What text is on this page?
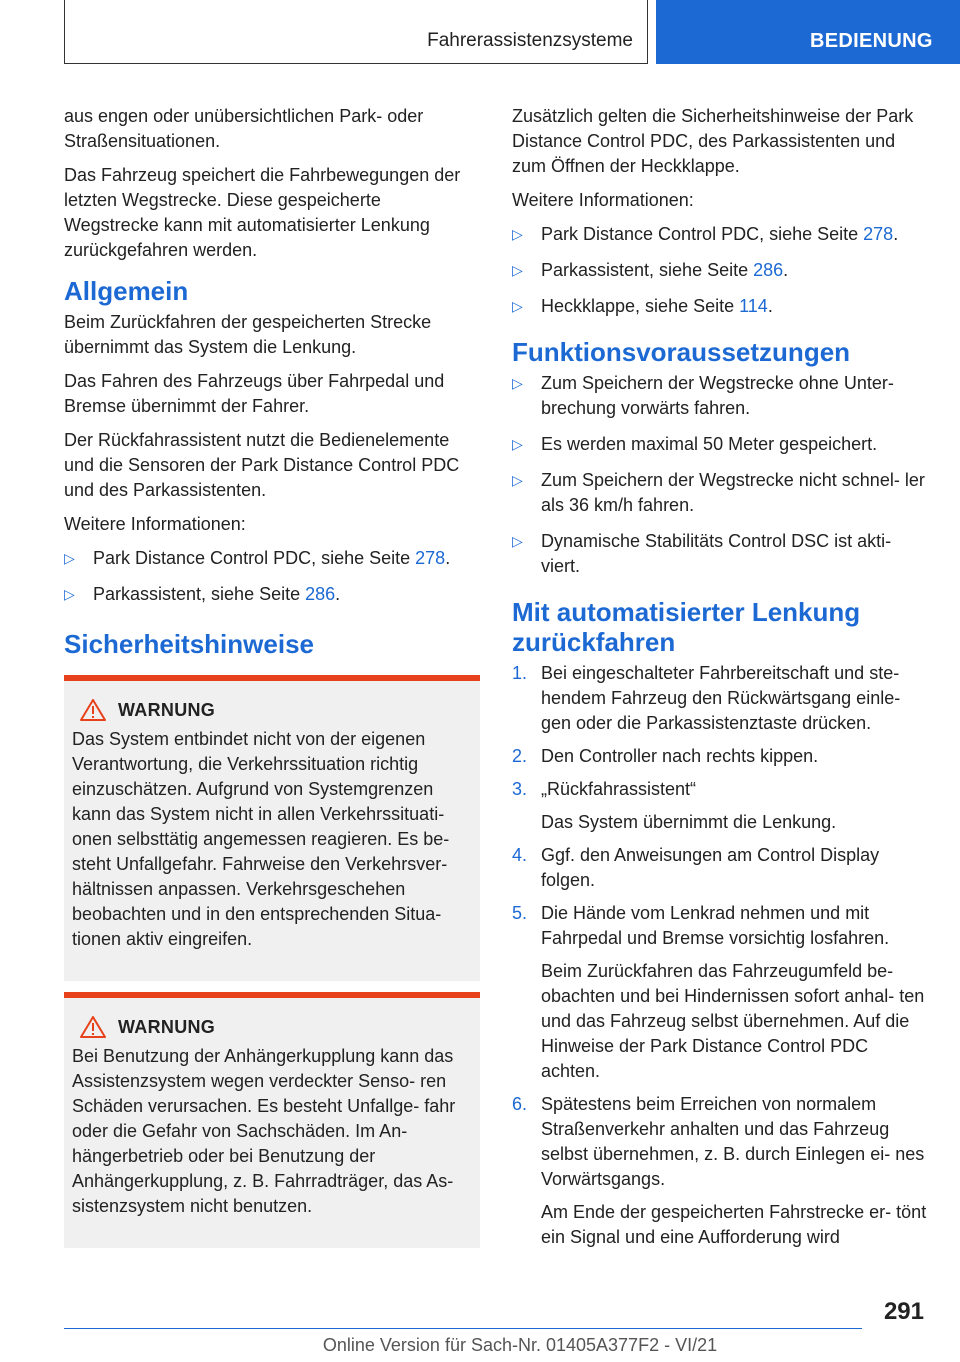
Fahrerassistenzsysteme	BEDIENUNG

aus engen oder unübersichtlichen Park- oder Straßensituationen.

Das Fahrzeug speichert die Fahrbewegungen der letzten Wegstrecke. Diese gespeicherte Wegstrecke kann mit automatisierter Lenkung zurückgefahren werden.

Allgemein

Beim Zurückfahren der gespeicherten Strecke übernimmt das System die Lenkung.

Das Fahren des Fahrzeugs über Fahrpedal und Bremse übernimmt der Fahrer.

Der Rückfahrassistent nutzt die Bedienelemente und die Sensoren der Park Distance Control PDC und des Parkassistenten.

Weitere Informationen:

▷ Park Distance Control PDC, siehe Seite 278.
▷ Parkassistent, siehe Seite 286.
Sicherheitshinweise
WARNUNG

Das System entbindet nicht von der eigenen Verantwortung, die Verkehrssituation richtig einzuschätzen. Aufgrund von Systemgrenzen kann das System nicht in allen Verkehrssituati- onen selbsttätig angemessen reagieren. Es be- steht Unfallgefahr. Fahrweise den Verkehrsver- hältnissen anpassen. Verkehrsgeschehen beobachten und in den entsprechenden Situa- tionen aktiv eingreifen.

WARNUNG

Bei Benutzung der Anhängerkupplung kann das Assistenzsystem wegen verdeckter Senso- ren Schäden verursachen. Es besteht Unfallge- fahr oder die Gefahr von Sachschäden. Im An- hängerbetrieb oder bei Benutzung der Anhängerkupplung, z. B. Fahrradträger, das As- sistenzsystem nicht benutzen.

Zusätzlich gelten die Sicherheitshinweise der Park Distance Control PDC, des Parkassistenten und zum Öffnen der Heckklappe.

Weitere Informationen:

▷ Park Distance Control PDC, siehe Seite 278.
▷ Parkassistent, siehe Seite 286.
▷ Heckklappe, siehe Seite 114.
Funktionsvoraussetzungen
▷ Zum Speichern der Wegstrecke ohne Unter- brechung vorwärts fahren.
▷ Es werden maximal 50 Meter gespeichert.
▷ Zum Speichern der Wegstrecke nicht schnel- ler als 36 km/h fahren.
▷ Dynamische Stabilitäts Control DSC ist akti- viert.
Mit automatisierter Lenkung zurückfahren
1. Bei eingeschalteter Fahrbereitschaft und ste- hendem Fahrzeug den Rückwärtsgang einle- gen oder die Parkassistenztaste drücken.

2. Den Controller nach rechts kippen.

3. „Rückfahrassistent“

Das System übernimmt die Lenkung.

4. Ggf. den Anweisungen am Control Display folgen.

5. Die Hände vom Lenkrad nehmen und mit Fahrpedal und Bremse vorsichtig losfahren.

Beim Zurückfahren das Fahrzeugumfeld be- obachten und bei Hindernissen sofort anhal- ten und das Fahrzeug selbst übernehmen. Auf die Hinweise der Park Distance Control PDC achten.

6. Spätestens beim Erreichen von normalem Straßenverkehr anhalten und das Fahrzeug selbst übernehmen, z. B. durch Einlegen ei- nes Vorwärtsgangs.

Am Ende der gespeicherten Fahrstrecke er- tönt ein Signal und eine Aufforderung wird

291
Online Version für Sach-Nr. 01405A377F2 - VI/21
